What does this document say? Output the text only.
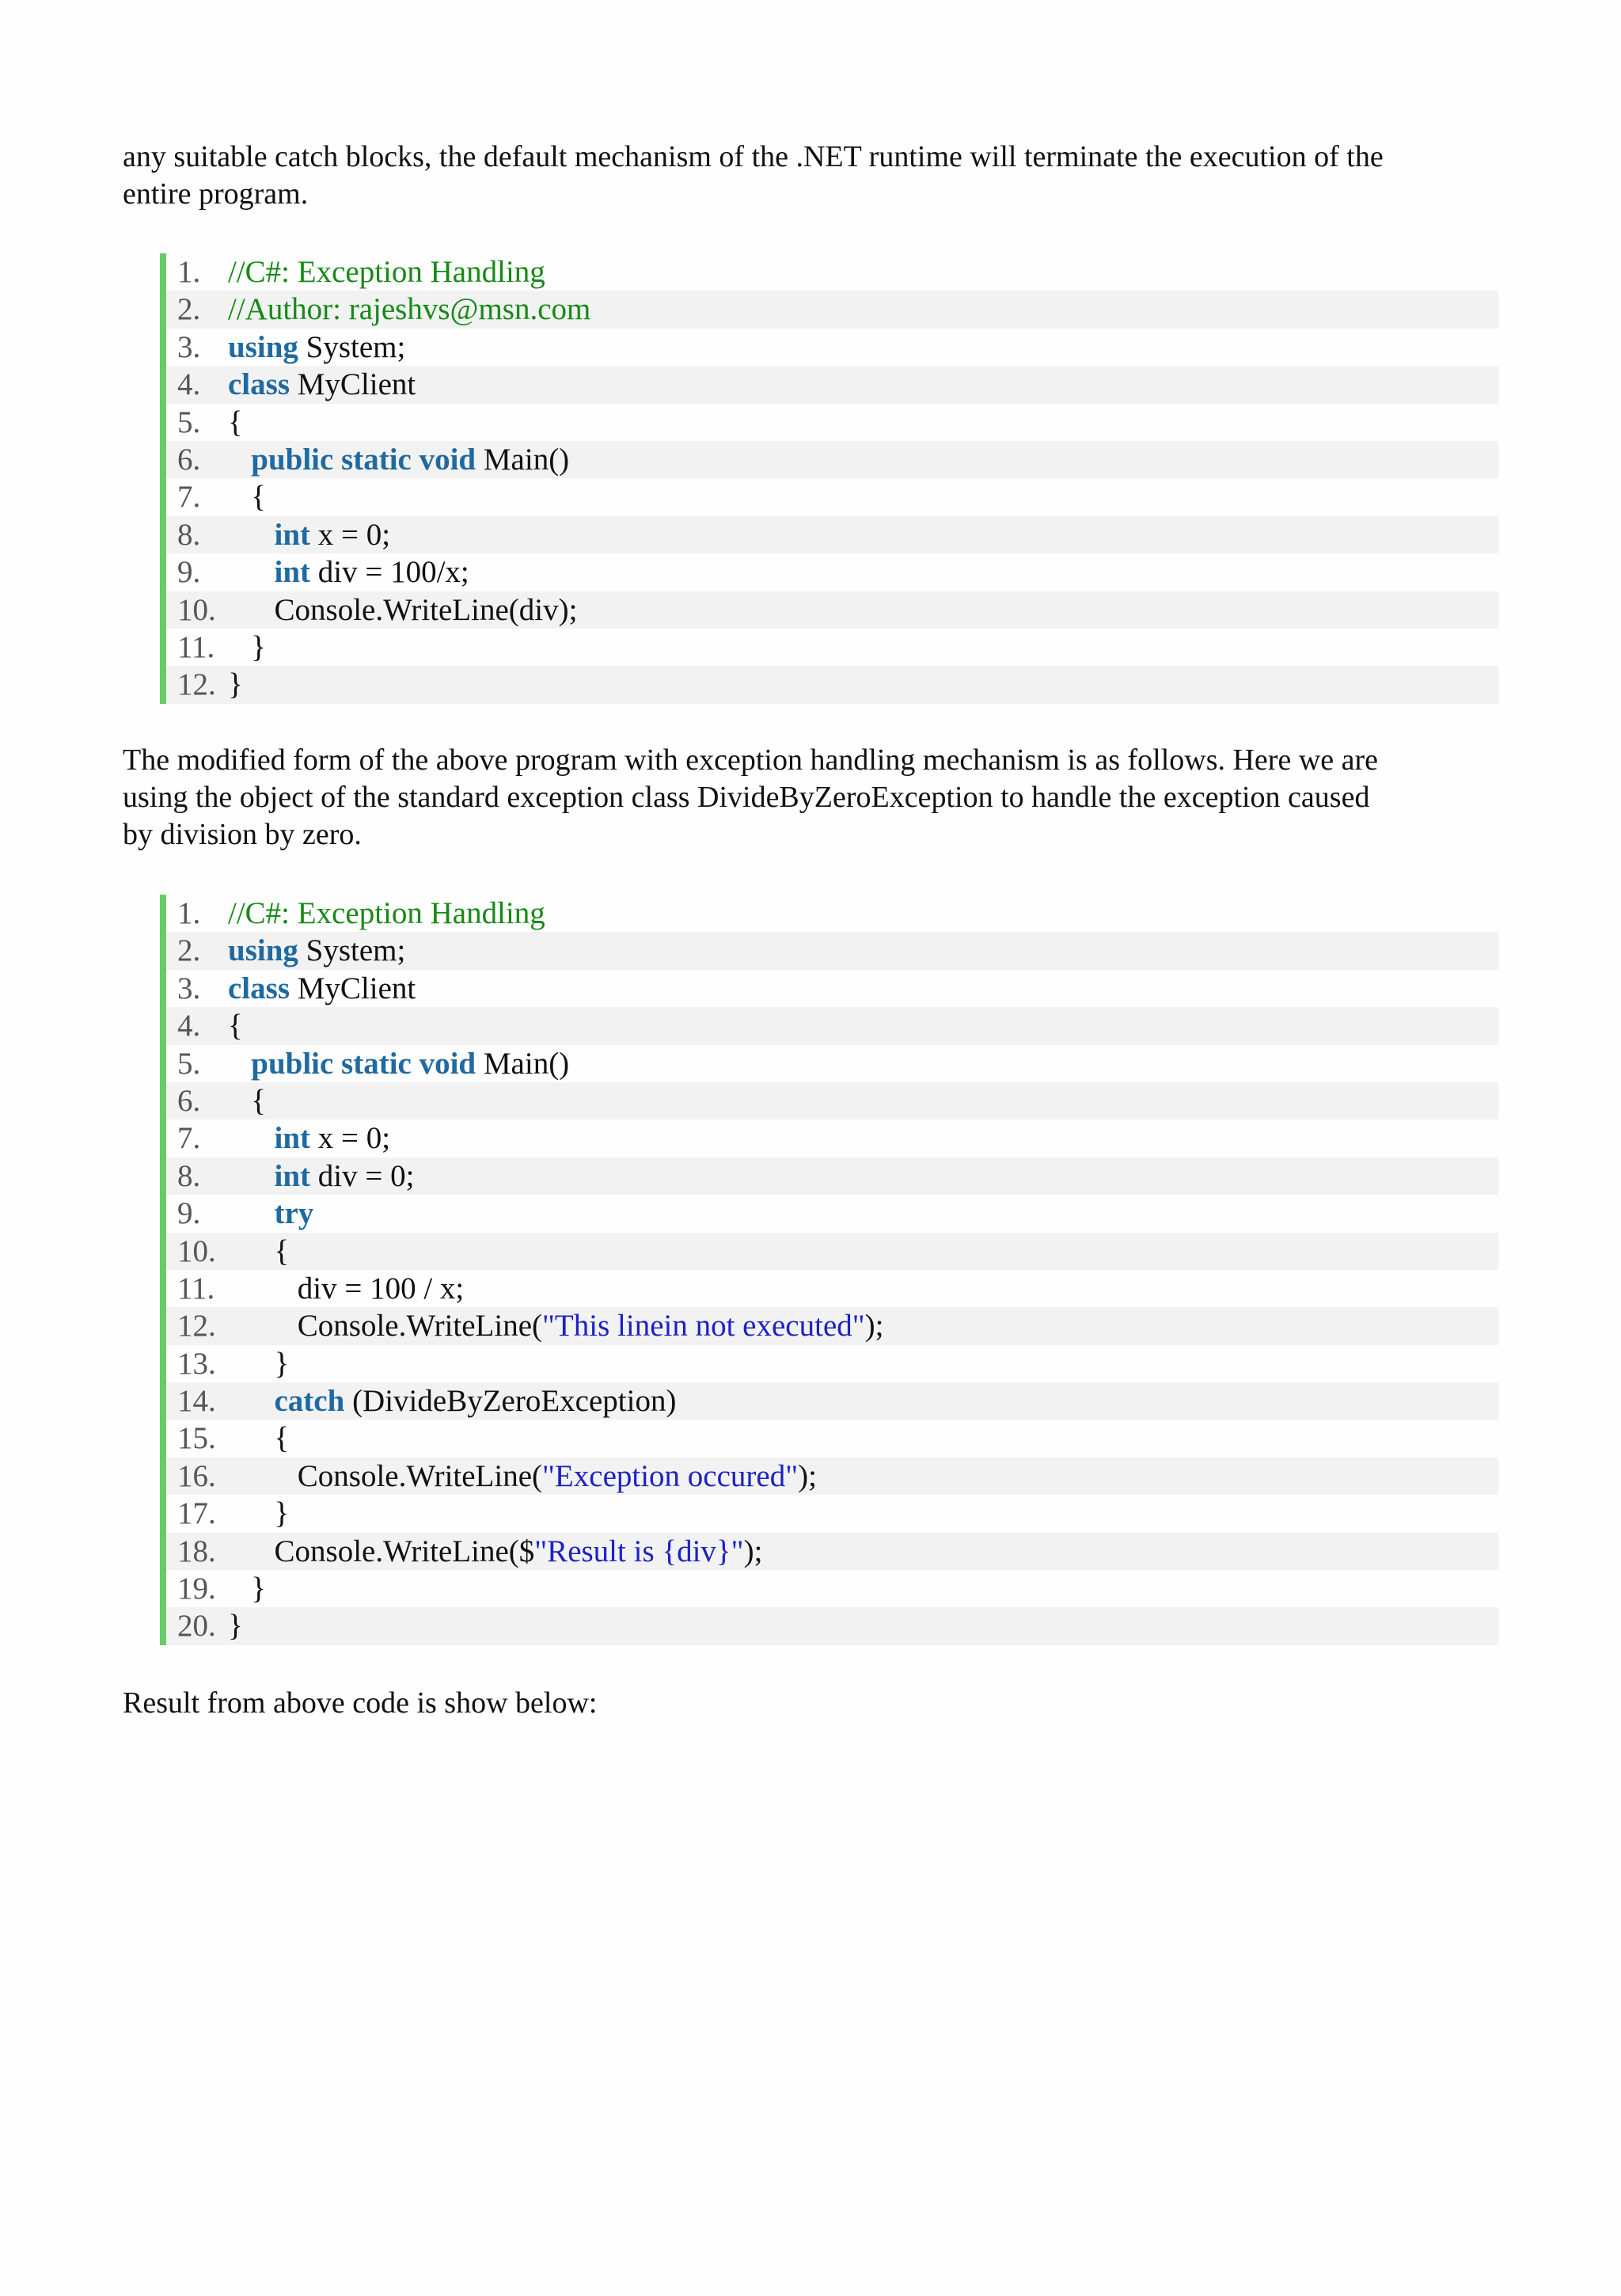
any suitable catch blocks, the default mechanism of the .NET runtime will terminate the execution of the
entire program.
1. //C#: Exception Handling
2. //Author: rajeshvs@msn.com
3. using System;
4. class MyClient
5. {
6. public static void Main()
7.   {
8. int x = 0;
9. int div = 100/x;
10.      Console.WriteLine(div);
11.   }
12. }
The modified form of the above program with exception handling mechanism is as follows. Here we are
using the object of the standard exception class DivideByZeroException to handle the exception caused
by division by zero.
1. //C#: Exception Handling
2. using System;
3. class MyClient
4. {
5. public static void Main()
6.   {
7. int x = 0;
8. int div = 0;
9. try
10.      {
11.         div = 100 / x;
12.         Console.WriteLine("This linein not executed");
13.      }
14. catch (DivideByZeroException)
15.      {
16.         Console.WriteLine("Exception occured");
17.      }
18.      Console.WriteLine($"Result is {div}");
19.   }
20. }
Result from above code is show below:
